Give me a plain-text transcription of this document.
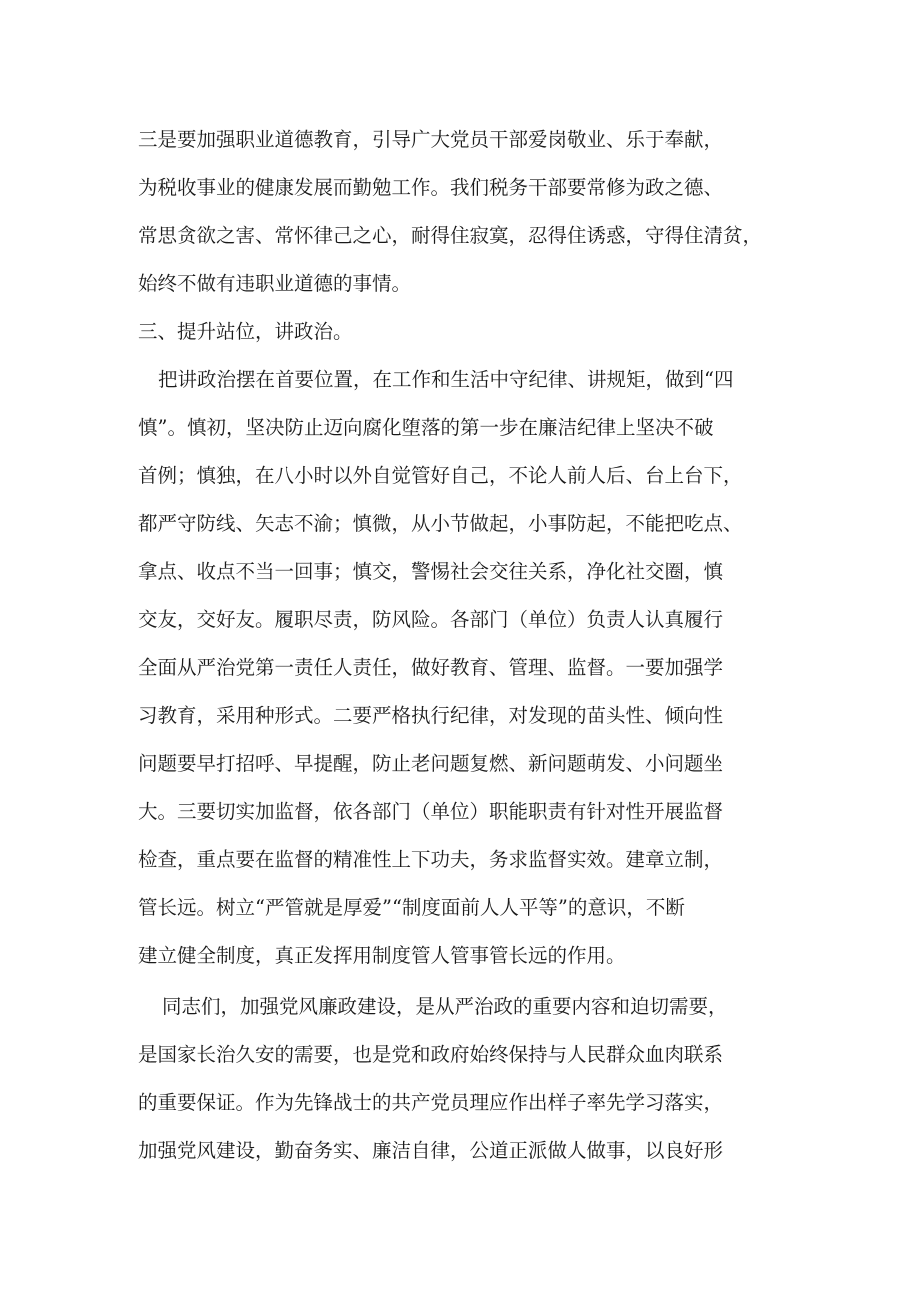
三是要加强职业道德教育，引导广大党员干部爱岗敬业、乐于奉献，
为税收事业的健康发展而勤勉工作。我们税务干部要常修为政之德、
常思贪欲之害、常怀律己之心，耐得住寂寞，忍得住诱惑，守得住清贫，
始终不做有违职业道德的事情。
三、提升站位，讲政治。
把讲政治摆在首要位置，在工作和生活中守纪律、讲规矩，做到“四
慎”。慎初，坚决防止迈向腐化堕落的第一步在廉洁纪律上坚决不破
首例；慎独，在八小时以外自觉管好自己，不论人前人后、台上台下，
都严守防线、矢志不渝；慎微，从小节做起，小事防起，不能把吃点、
拿点、收点不当一回事；慎交，警惕社会交往关系，净化社交圈，慎
交友，交好友。履职尽责，防风险。各部门（单位）负责人认真履行
全面从严治党第一责任人责任，做好教育、管理、监督。一要加强学
习教育，采用种形式。二要严格执行纪律，对发现的苗头性、倾向性
问题要早打招呼、早提醒，防止老问题复燃、新问题萌发、小问题坐
大。三要切实加监督，依各部门（单位）职能职责有针对性开展监督
检查，重点要在监督的精准性上下功夫，务求监督实效。建章立制，
管长远。树立“严管就是厚爱”“制度面前人人平等”的意识，不断
建立健全制度，真正发挥用制度管人管事管长远的作用。
同志们，加强党风廉政建设，是从严治政的重要内容和迫切需要，
是国家长治久安的需要，也是党和政府始终保持与人民群众血肉联系
的重要保证。作为先锋战士的共产党员理应作出样子率先学习落实，
加强党风建设，勤奋务实、廉洁自律，公道正派做人做事，以良好形
